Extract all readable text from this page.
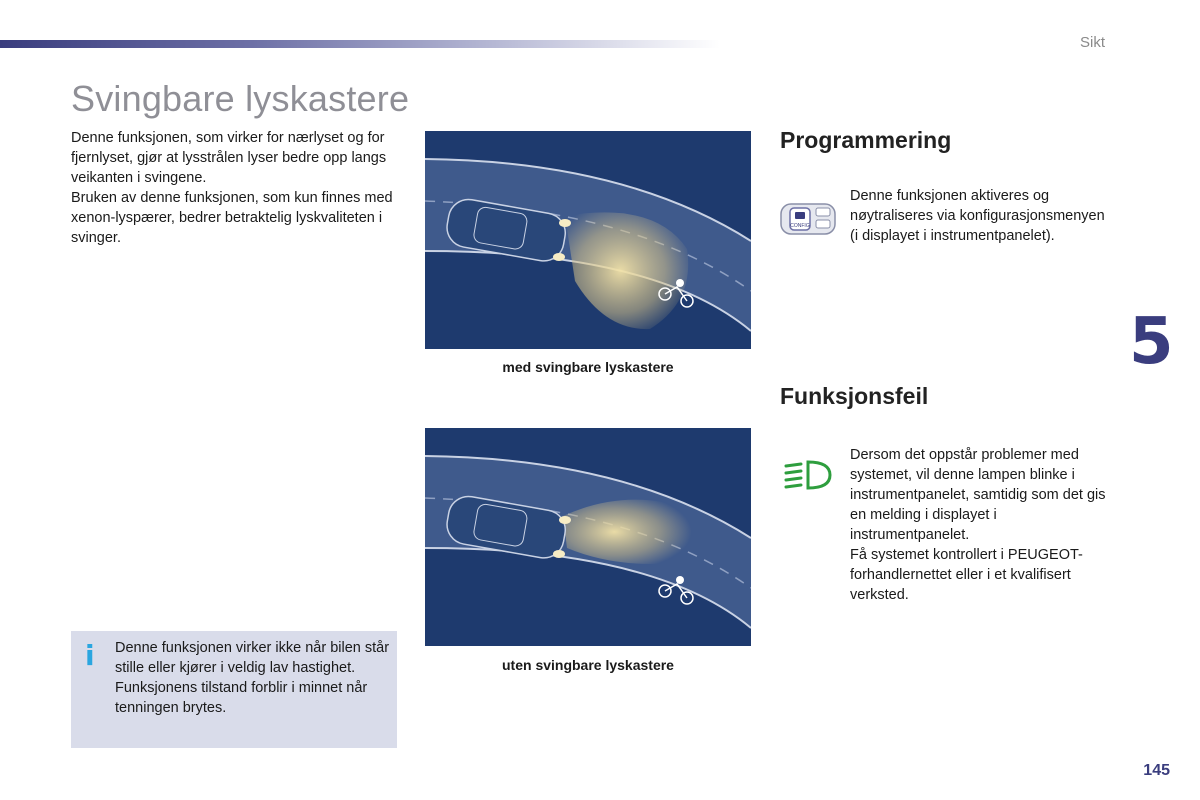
Sikt
Svingbare lyskastere

Denne funksjonen, som virker for nærlyset og for fjernlyset, gjør at lysstrålen lyser bedre opp langs veikanten i svingene.

Bruken av denne funksjonen, som kun finnes med xenon-lyspærer, bedrer betraktelig lyskvaliteten i svinger.

med svingbare lyskastere
uten svingbare lyskastere
Programmering
CONFIG

Denne funksjonen aktiveres og nøytraliseres via konfigurasjonsmenyen (i displayet i instrumentpanelet).

Funksjonsfeil

Dersom det oppstår problemer med systemet, vil denne lampen blinke i instrumentpanelet, samtidig som det gis en melding i displayet i instrumentpanelet.

Få systemet kontrollert i PEUGEOT-forhandlernettet eller i et kvalifisert verksted.

5
i Denne funksjonen virker ikke når bilen står stille eller kjører i veldig lav hastighet.

Funksjonens tilstand forblir i minnet når tenningen brytes.

145
